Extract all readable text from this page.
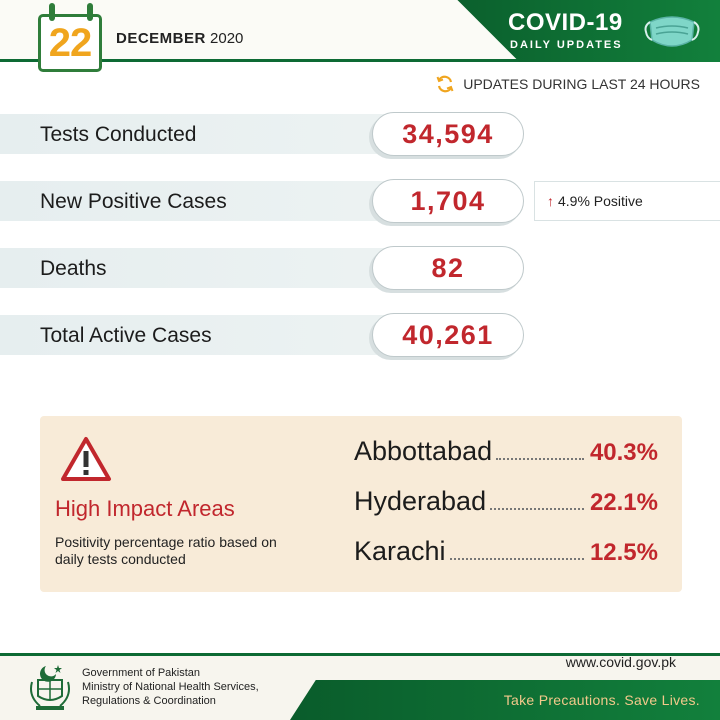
22	DECEMBER 2020
COVID-19
DAILY UPDATES
UPDATES DURING LAST 24 HOURS
Tests Conducted	34,594
New Positive Cases	1,704	↑ 4.9% Positive
Deaths	82
Total Active Cases	40,261
High Impact Areas
Positivity percentage ratio based on daily tests conducted
Abbottabad	40.3%
Hyderabad	22.1%
Karachi	12.5%
www.covid.gov.pk
Take Precautions. Save Lives.
Government of Pakistan
Ministry of National Health Services,
Regulations & Coordination
